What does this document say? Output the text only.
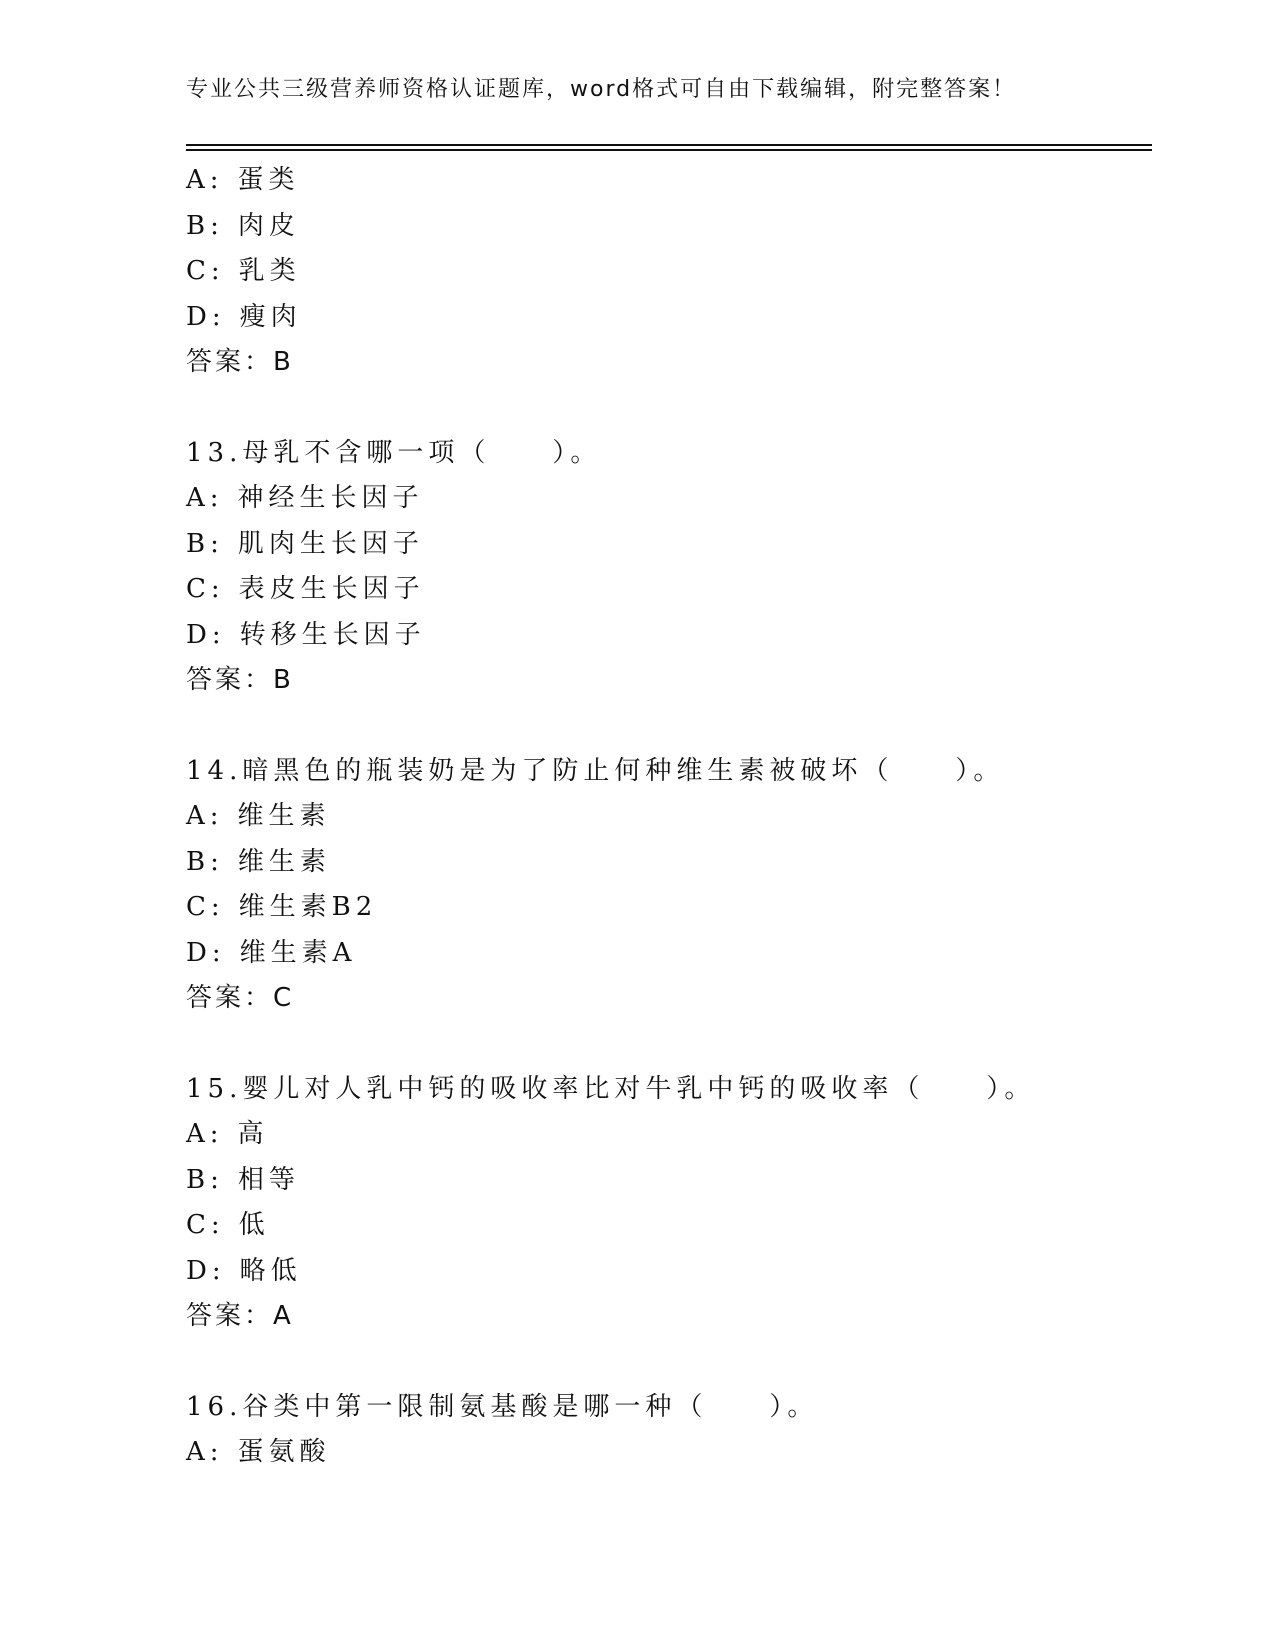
专业公共三级营养师资格认证题库，word格式可自由下载编辑，附完整答案！
A: 蛋类
B: 肉皮
C: 乳类
D: 瘦肉
答案：B
13.母乳不含哪一项（　　）。
A: 神经生长因子
B: 肌肉生长因子
C: 表皮生长因子
D: 转移生长因子
答案：B
14.暗黑色的瓶装奶是为了防止何种维生素被破坏（　　）。
A: 维生素
B: 维生素
C: 维生素B2
D: 维生素A
答案：C
15.婴儿对人乳中钙的吸收率比对牛乳中钙的吸收率（　　）。
A: 高
B: 相等
C: 低
D: 略低
答案：A
16.谷类中第一限制氨基酸是哪一种（　　）。
A: 蛋氨酸
